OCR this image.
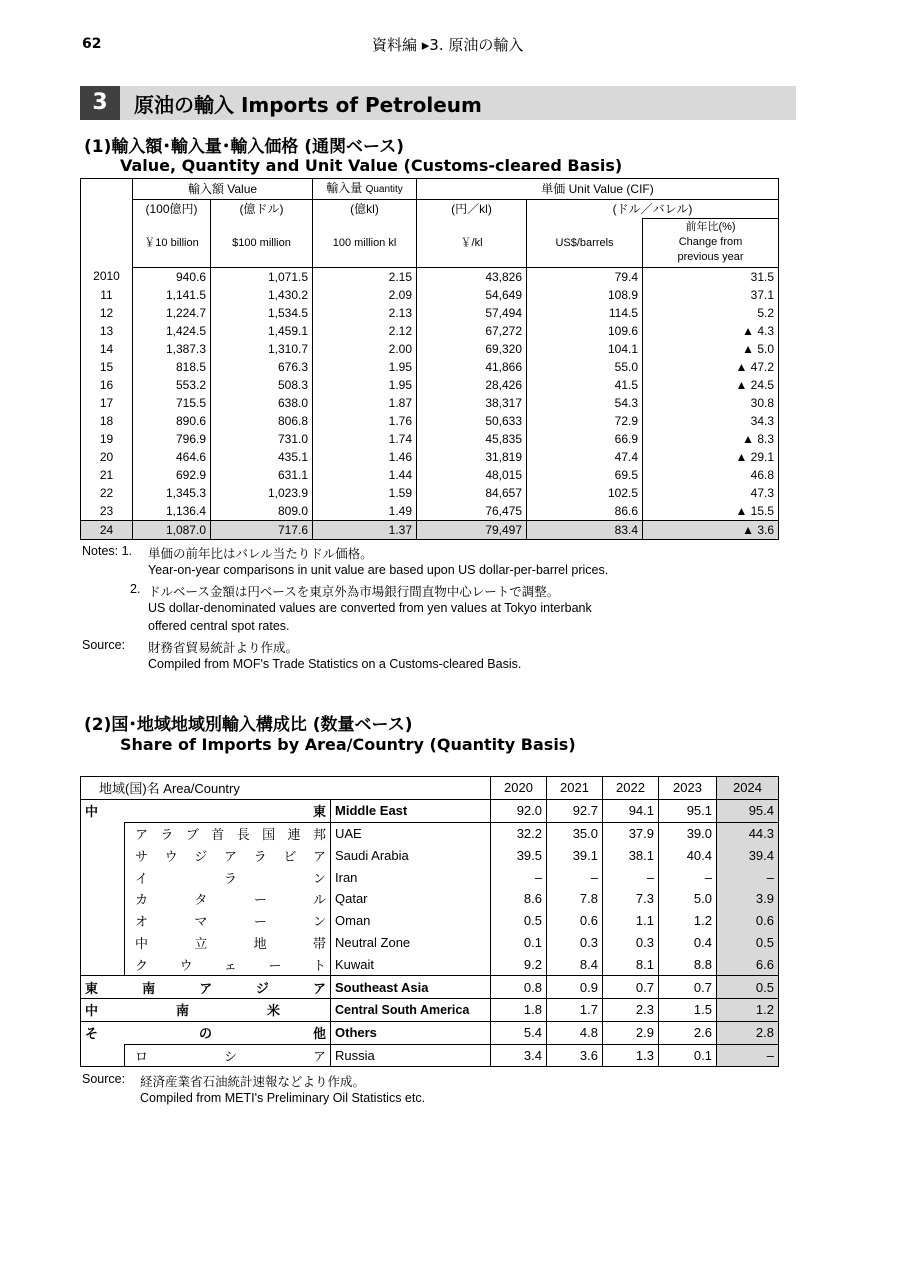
62	資料編 ▸3. 原油の輸入
3	原油の輸入 Imports of Petroleum
(1)輸入額･輸入量･輸入価格 (通関ベース)
Value, Quantity and Unit Value (Customs-cleared Basis)
	輸入額 Value		輸入量 Quantity	単価 Unit Value (CIF)		
	(100億円)	(億ドル)	(億kl)	(円／kl)	(ドル／バレル)	
	￥10 billion	$100 million	100 million kl	￥/kl	US$/barrels	前年比(%)
Change from
previous year

2010	940.6	1,071.5	2.15	43,826	79.4	31.5
11	1,141.5	1,430.2	2.09	54,649	108.9	37.1
12	1,224.7	1,534.5	2.13	57,494	114.5	5.2
13	1,424.5	1,459.1	2.12	67,272	109.6	▲ 4.3
14	1,387.3	1,310.7	2.00	69,320	104.1	▲ 5.0
15	818.5	676.3	1.95	41,866	55.0	▲ 47.2
16	553.2	508.3	1.95	28,426	41.5	▲ 24.5
17	715.5	638.0	1.87	38,317	54.3	30.8
18	890.6	806.8	1.76	50,633	72.9	34.3
19	796.9	731.0	1.74	45,835	66.9	▲ 8.3
20	464.6	435.1	1.46	31,819	47.4	▲ 29.1
21	692.9	631.1	1.44	48,015	69.5	46.8
22	1,345.3	1,023.9	1.59	84,657	102.5	47.3
23	1,136.4	809.0	1.49	76,475	86.6	▲ 15.5
24	1,087.0	717.6	1.37	79,497	83.4	▲ 3.6
Notes: 1. 単価の前年比はバレル当たりドル価格。
Year-on-year comparisons in unit value are based upon US dollar-per-barrel prices.
2. ドルベース金額は円ベースを東京外為市場銀行間直物中心レートで調整。
US dollar-denominated values are converted from yen values at Tokyo interbank
offered central spot rates.
Source: 財務省貿易統計より作成。
Compiled from MOF's Trade Statistics on a Customs-cleared Basis.
(2)国･地域地域別輸入構成比 (数量ベース)
Share of Imports by Area/Country (Quantity Basis)
地域(国)名 Area/Country			2020	2021	2022	2023	2024
中東		Middle East	92.0	92.7	94.1	95.1	95.4
	アラブ首長国連邦	UAE	32.2	35.0	37.9	39.0	44.3
	サウジアラビア	Saudi Arabia	39.5	39.1	38.1	40.4	39.4
	イラン	Iran	–	–	–	–	–
	カタール	Qatar	8.6	7.8	7.3	5.0	3.9
	オマーン	Oman	0.5	0.6	1.1	1.2	0.6
	中立地帯	Neutral Zone	0.1	0.3	0.3	0.4	0.5
	クウェート	Kuwait	9.2	8.4	8.1	8.8	6.6
東南アジア		Southeast Asia	0.8	0.9	0.7	0.7	0.5
中南米		Central South America	1.8	1.7	2.3	1.5	1.2
その他		Others	5.4	4.8	2.9	2.6	2.8
	ロシア	Russia	3.4	3.6	1.3	0.1	–
Source: 経済産業省石油統計速報などより作成。
Compiled from METI's Preliminary Oil Statistics etc.
